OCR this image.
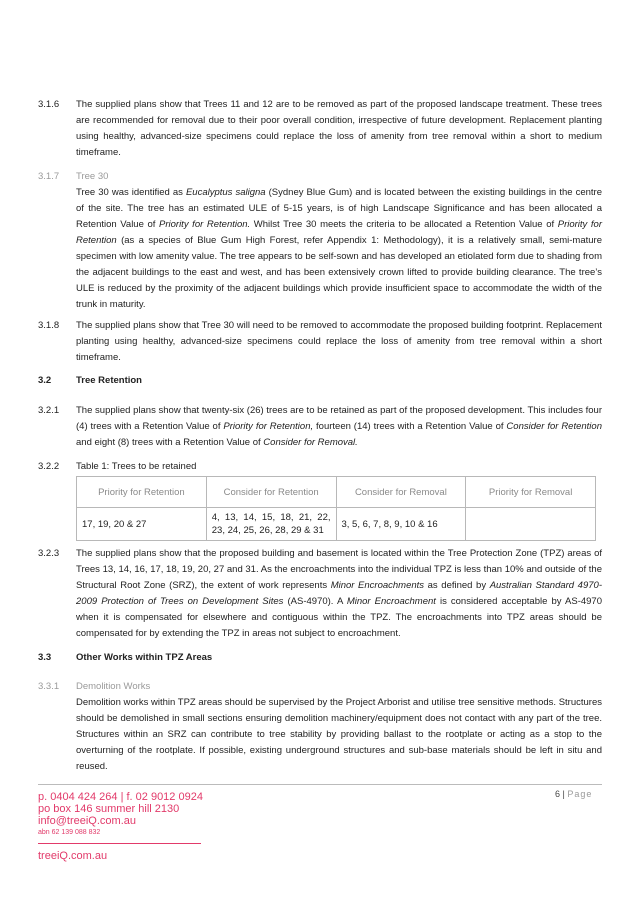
3.1.6	The supplied plans show that Trees 11 and 12 are to be removed as part of the proposed landscape treatment. These trees are recommended for removal due to their poor overall condition, irrespective of future development. Replacement planting using healthy, advanced-size specimens could replace the loss of amenity from tree removal within a short to medium timeframe.
3.1.7	Tree 30
Tree 30 was identified as Eucalyptus saligna (Sydney Blue Gum) and is located between the existing buildings in the centre of the site. The tree has an estimated ULE of 5-15 years, is of high Landscape Significance and has been allocated a Retention Value of Priority for Retention. Whilst Tree 30 meets the criteria to be allocated a Retention Value of Priority for Retention (as a species of Blue Gum High Forest, refer Appendix 1: Methodology), it is a relatively small, semi-mature specimen with low amenity value. The tree appears to be self-sown and has developed an etiolated form due to shading from the adjacent buildings to the east and west, and has been extensively crown lifted to provide building clearance. The tree’s ULE is reduced by the proximity of the adjacent buildings which provide insufficient space to accommodate the width of the trunk in maturity.
3.1.8	The supplied plans show that Tree 30 will need to be removed to accommodate the proposed building footprint. Replacement planting using healthy, advanced-size specimens could replace the loss of amenity from tree removal within a short timeframe.
3.2	Tree Retention
3.2.1	The supplied plans show that twenty-six (26) trees are to be retained as part of the proposed development. This includes four (4) trees with a Retention Value of Priority for Retention, fourteen (14) trees with a Retention Value of Consider for Retention and eight (8) trees with a Retention Value of Consider for Removal.
3.2.2	Table 1: Trees to be retained
Priority for Retention	Consider for Retention	Consider for Removal	Priority for Removal
17, 19, 20 & 27	4, 13, 14, 15, 18, 21, 22, 23, 24, 25, 26, 28, 29 & 31	3, 5, 6, 7, 8, 9, 10 & 16	
3.2.3	The supplied plans show that the proposed building and basement is located within the Tree Protection Zone (TPZ) areas of Trees 13, 14, 16, 17, 18, 19, 20, 27 and 31. As the encroachments into the individual TPZ is less than 10% and outside of the Structural Root Zone (SRZ), the extent of work represents Minor Encroachments as defined by Australian Standard 4970-2009 Protection of Trees on Development Sites (AS-4970). A Minor Encroachment is considered acceptable by AS-4970 when it is compensated for elsewhere and contiguous within the TPZ. The encroachments into TPZ areas should be compensated for by extending the TPZ in areas not subject to encroachment.
3.3	Other Works within TPZ Areas
3.3.1	Demolition Works
Demolition works within TPZ areas should be supervised by the Project Arborist and utilise tree sensitive methods. Structures should be demolished in small sections ensuring demolition machinery/equipment does not contact with any part of the tree. Structures within an SRZ can contribute to tree stability by providing ballast to the rootplate or acting as a stop to the overturning of the rootplate. If possible, existing underground structures and sub-base materials should be left in situ and reused.
p. 0404 424 264 | f. 02 9012 0924
po box 146 summer hill 2130
info@treeiQ.com.au
abn 62 139 088 832
treeiQ.com.au
6 | Page
